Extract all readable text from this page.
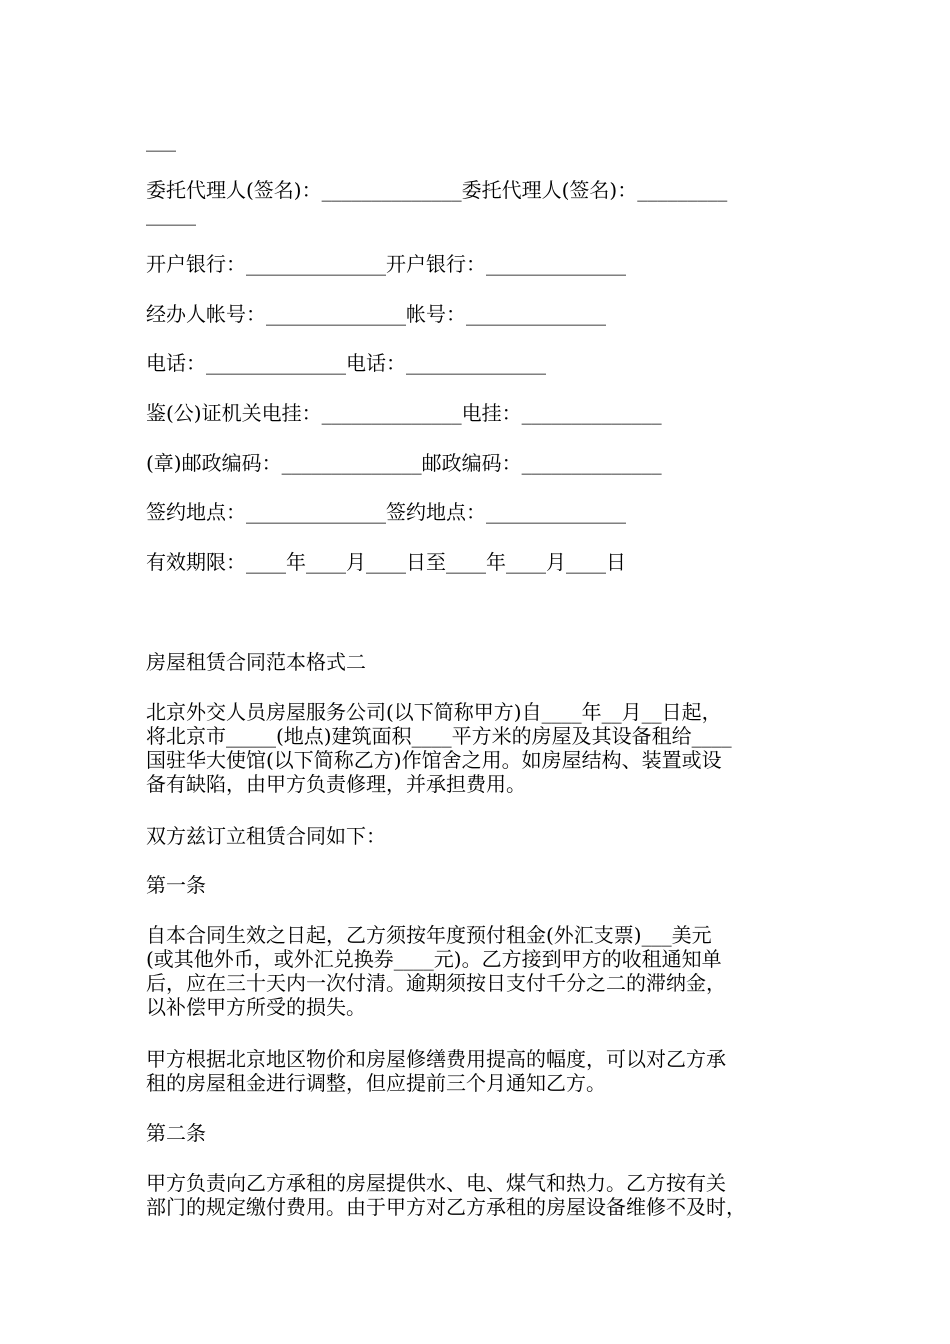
___

委托代理人(签名)：______________委托代理人(签名)：_________

_____

开户银行：______________开户银行：______________

经办人帐号：______________帐号：______________

电话：______________电话：______________

鉴(公)证机关电挂：______________电挂：______________

(章)邮政编码：______________邮政编码：______________

签约地点：______________签约地点：______________

有效期限：____年____月____日至____年____月____日

房屋租赁合同范本格式二

北京外交人员房屋服务公司(以下简称甲方)自____年__月__日起，
将北京市_____(地点)建筑面积____平方米的房屋及其设备租给____
国驻华大使馆(以下简称乙方)作馆舍之用。如房屋结构、装置或设
备有缺陷，由甲方负责修理，并承担费用。

双方兹订立租赁合同如下：

第一条

自本合同生效之日起，乙方须按年度预付租金(外汇支票)___美元
(或其他外币，或外汇兑换券____元)。乙方接到甲方的收租通知单
后，应在三十天内一次付清。逾期须按日支付千分之二的滞纳金，
以补偿甲方所受的损失。
甲方根据北京地区物价和房屋修缮费用提高的幅度，可以对乙方承
租的房屋租金进行调整，但应提前三个月通知乙方。

第二条

甲方负责向乙方承租的房屋提供水、电、煤气和热力。乙方按有关
部门的规定缴付费用。由于甲方对乙方承租的房屋设备维修不及时，
